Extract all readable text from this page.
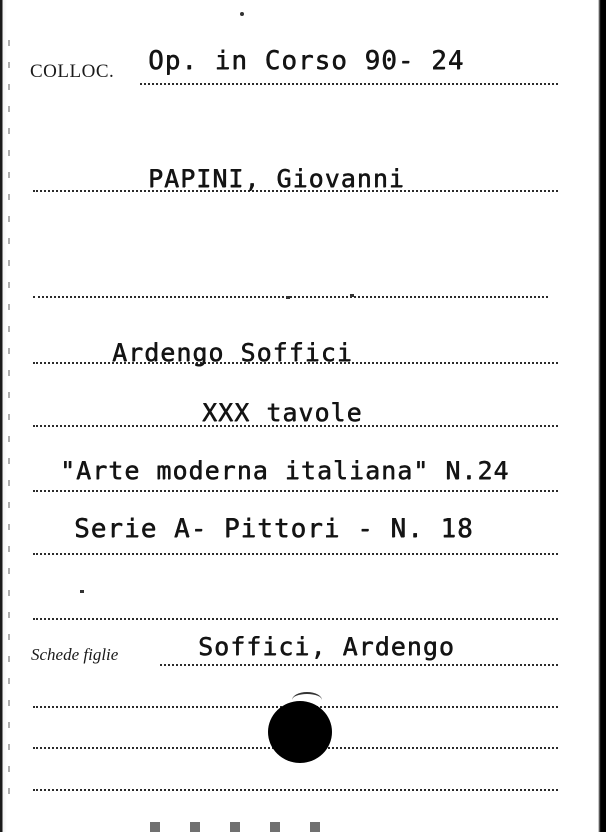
COLLOC.
Schede figlie
Op. in Corso 90- 24
PAPINI, Giovanni
Ardengo Soffici
XXX tavole
"Arte moderna italiana" N.24
Serie A- Pittori - N. 18
Soffici, Ardengo
